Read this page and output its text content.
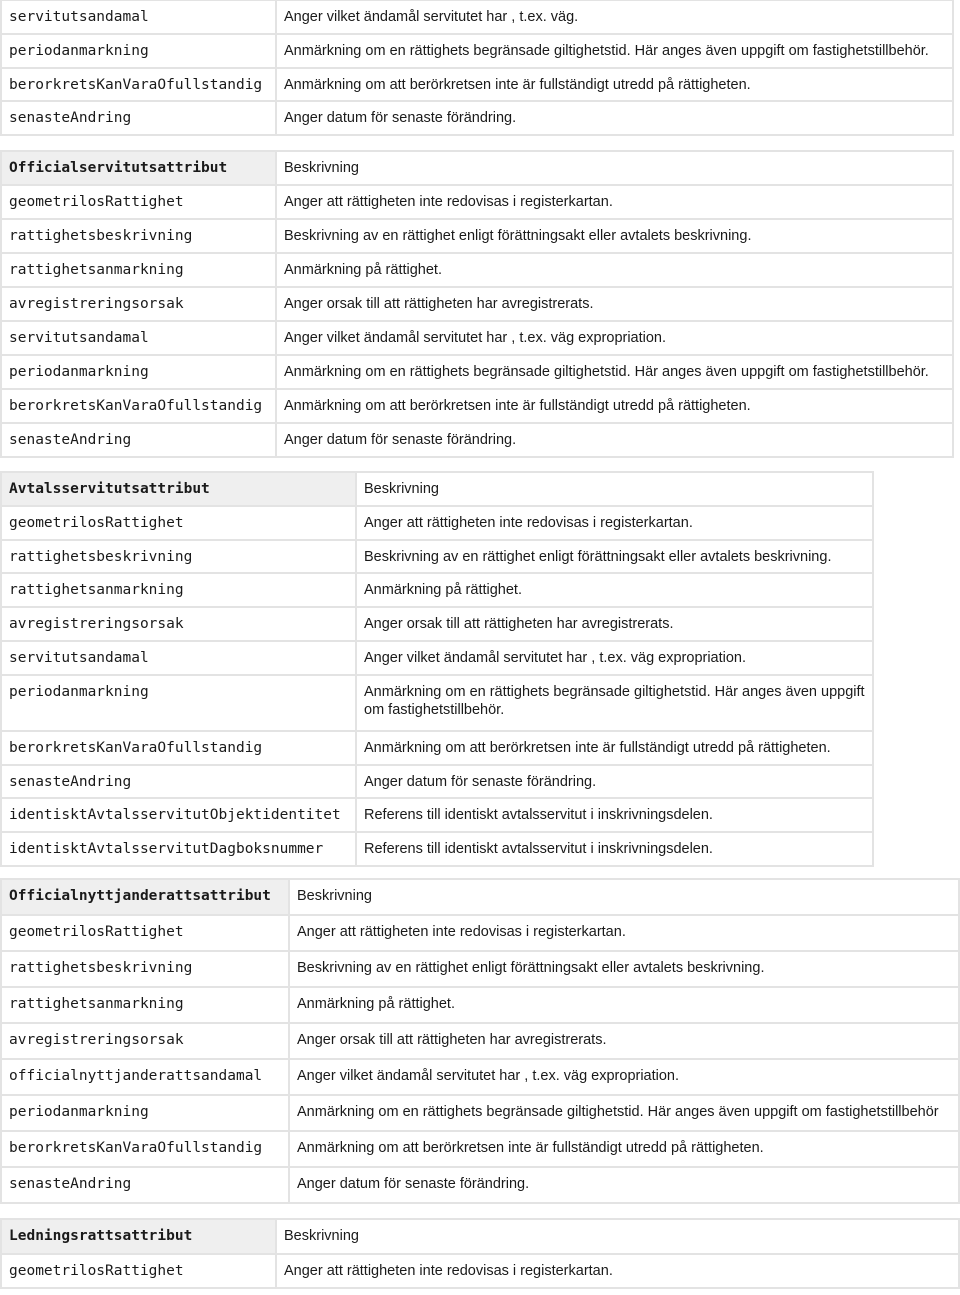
servitutsandamal	Anger vilket ändamål servitutet har , t.ex. väg.
periodanmarkning	Anmärkning om en rättighets begränsade giltighetstid. Här anges även uppgift om fastighetstillbehör.
berorkretsKanVaraOfullstandig	Anmärkning om att berörkretsen inte är fullständigt utredd på rättigheten.
senasteAndring	Anger datum för senaste förändring.
Officialservitutsattribut	Beskrivning
geometrilosRattighet	Anger att rättigheten inte redovisas i registerkartan.
rattighetsbeskrivning	Beskrivning av en rättighet enligt förättningsakt eller avtalets beskrivning.
rattighetsanmarkning	Anmärkning på rättighet.
avregistreringsorsak	Anger orsak till att rättigheten har avregistrerats.
servitutsandamal	Anger vilket ändamål servitutet har , t.ex. väg expropriation.
periodanmarkning	Anmärkning om en rättighets begränsade giltighetstid. Här anges även uppgift om fastighetstillbehör.
berorkretsKanVaraOfullstandig	Anmärkning om att berörkretsen inte är fullständigt utredd på rättigheten.
senasteAndring	Anger datum för senaste förändring.
Avtalsservitutsattribut	Beskrivning
geometrilosRattighet	Anger att rättigheten inte redovisas i registerkartan.
rattighetsbeskrivning	Beskrivning av en rättighet enligt förättningsakt eller avtalets beskrivning.
rattighetsanmarkning	Anmärkning på rättighet.
avregistreringsorsak	Anger orsak till att rättigheten har avregistrerats.
servitutsandamal	Anger vilket ändamål servitutet har , t.ex. väg expropriation.
periodanmarkning	Anmärkning om en rättighets begränsade giltighetstid. Här anges även uppgift om fastighetstillbehör.
berorkretsKanVaraOfullstandig	Anmärkning om att berörkretsen inte är fullständigt utredd på rättigheten.
senasteAndring	Anger datum för senaste förändring.
identisktAvtalsservitutObjektidentitet	Referens till identiskt avtalsservitut i inskrivningsdelen.
identisktAvtalsservitutDagboksnummer	Referens till identiskt avtalsservitut i inskrivningsdelen.
Officialnyttjanderattsattribut	Beskrivning
geometrilosRattighet	Anger att rättigheten inte redovisas i registerkartan.
rattighetsbeskrivning	Beskrivning av en rättighet enligt förättningsakt eller avtalets beskrivning.
rattighetsanmarkning	Anmärkning på rättighet.
avregistreringsorsak	Anger orsak till att rättigheten har avregistrerats.
officialnyttjanderattsandamal	Anger vilket ändamål servitutet har , t.ex. väg expropriation.
periodanmarkning	Anmärkning om en rättighets begränsade giltighetstid. Här anges även uppgift om fastighetstillbehör
berorkretsKanVaraOfullstandig	Anmärkning om att berörkretsen inte är fullständigt utredd på rättigheten.
senasteAndring	Anger datum för senaste förändring.
Ledningsrattsattribut	Beskrivning
geometrilosRattighet	Anger att rättigheten inte redovisas i registerkartan.
